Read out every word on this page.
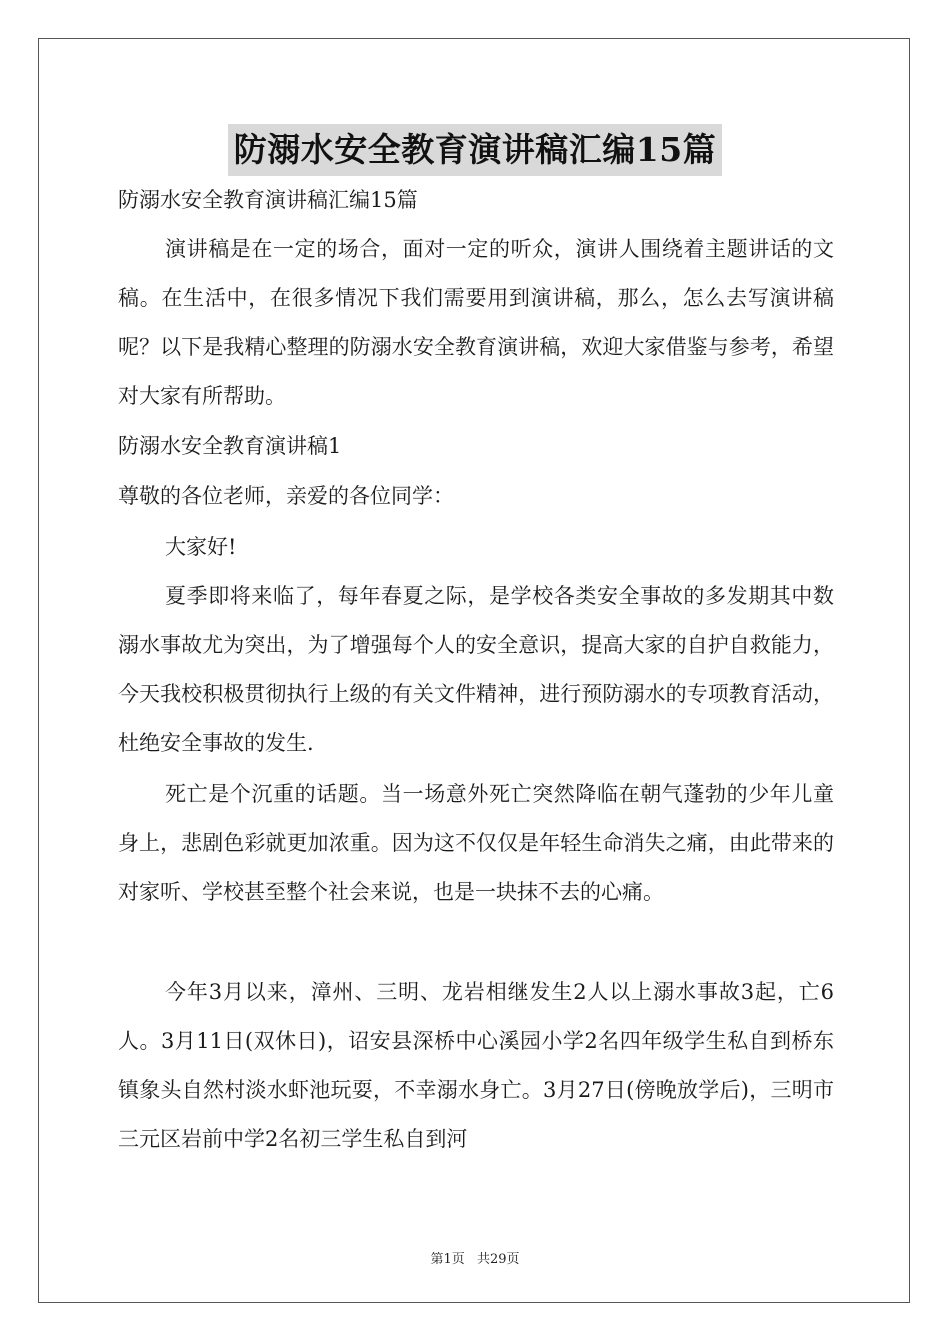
防溺水安全教育演讲稿汇编15篇

防溺水安全教育演讲稿汇编15篇

演讲稿是在一定的场合，面对一定的听众，演讲人围绕着主题讲话的文稿。在生活中，在很多情况下我们需要用到演讲稿，那么，怎么去写演讲稿呢？以下是我精心整理的防溺水安全教育演讲稿，欢迎大家借鉴与参考，希望对大家有所帮助。

防溺水安全教育演讲稿1

尊敬的各位老师，亲爱的各位同学：

大家好!

夏季即将来临了，每年春夏之际，是学校各类安全事故的多发期其中数溺水事故尤为突出，为了增强每个人的安全意识，提高大家的自护自救能力，今天我校积极贯彻执行上级的有关文件精神，进行预防溺水的专项教育活动，杜绝安全事故的发生.

死亡是个沉重的话题。当一场意外死亡突然降临在朝气蓬勃的少年儿童身上，悲剧色彩就更加浓重。因为这不仅仅是年轻生命消失之痛，由此带来的对家听、学校甚至整个社会来说，也是一块抹不去的心痛。

今年3月以来，漳州、三明、龙岩相继发生2人以上溺水事故3起，亡6人。3月11日(双休日)，诏安县深桥中心溪园小学2名四年级学生私自到桥东镇象头自然村淡水虾池玩耍，不幸溺水身亡。3月27日(傍晚放学后)，三明市三元区岩前中学2名初三学生私自到河

第1页 共29页
